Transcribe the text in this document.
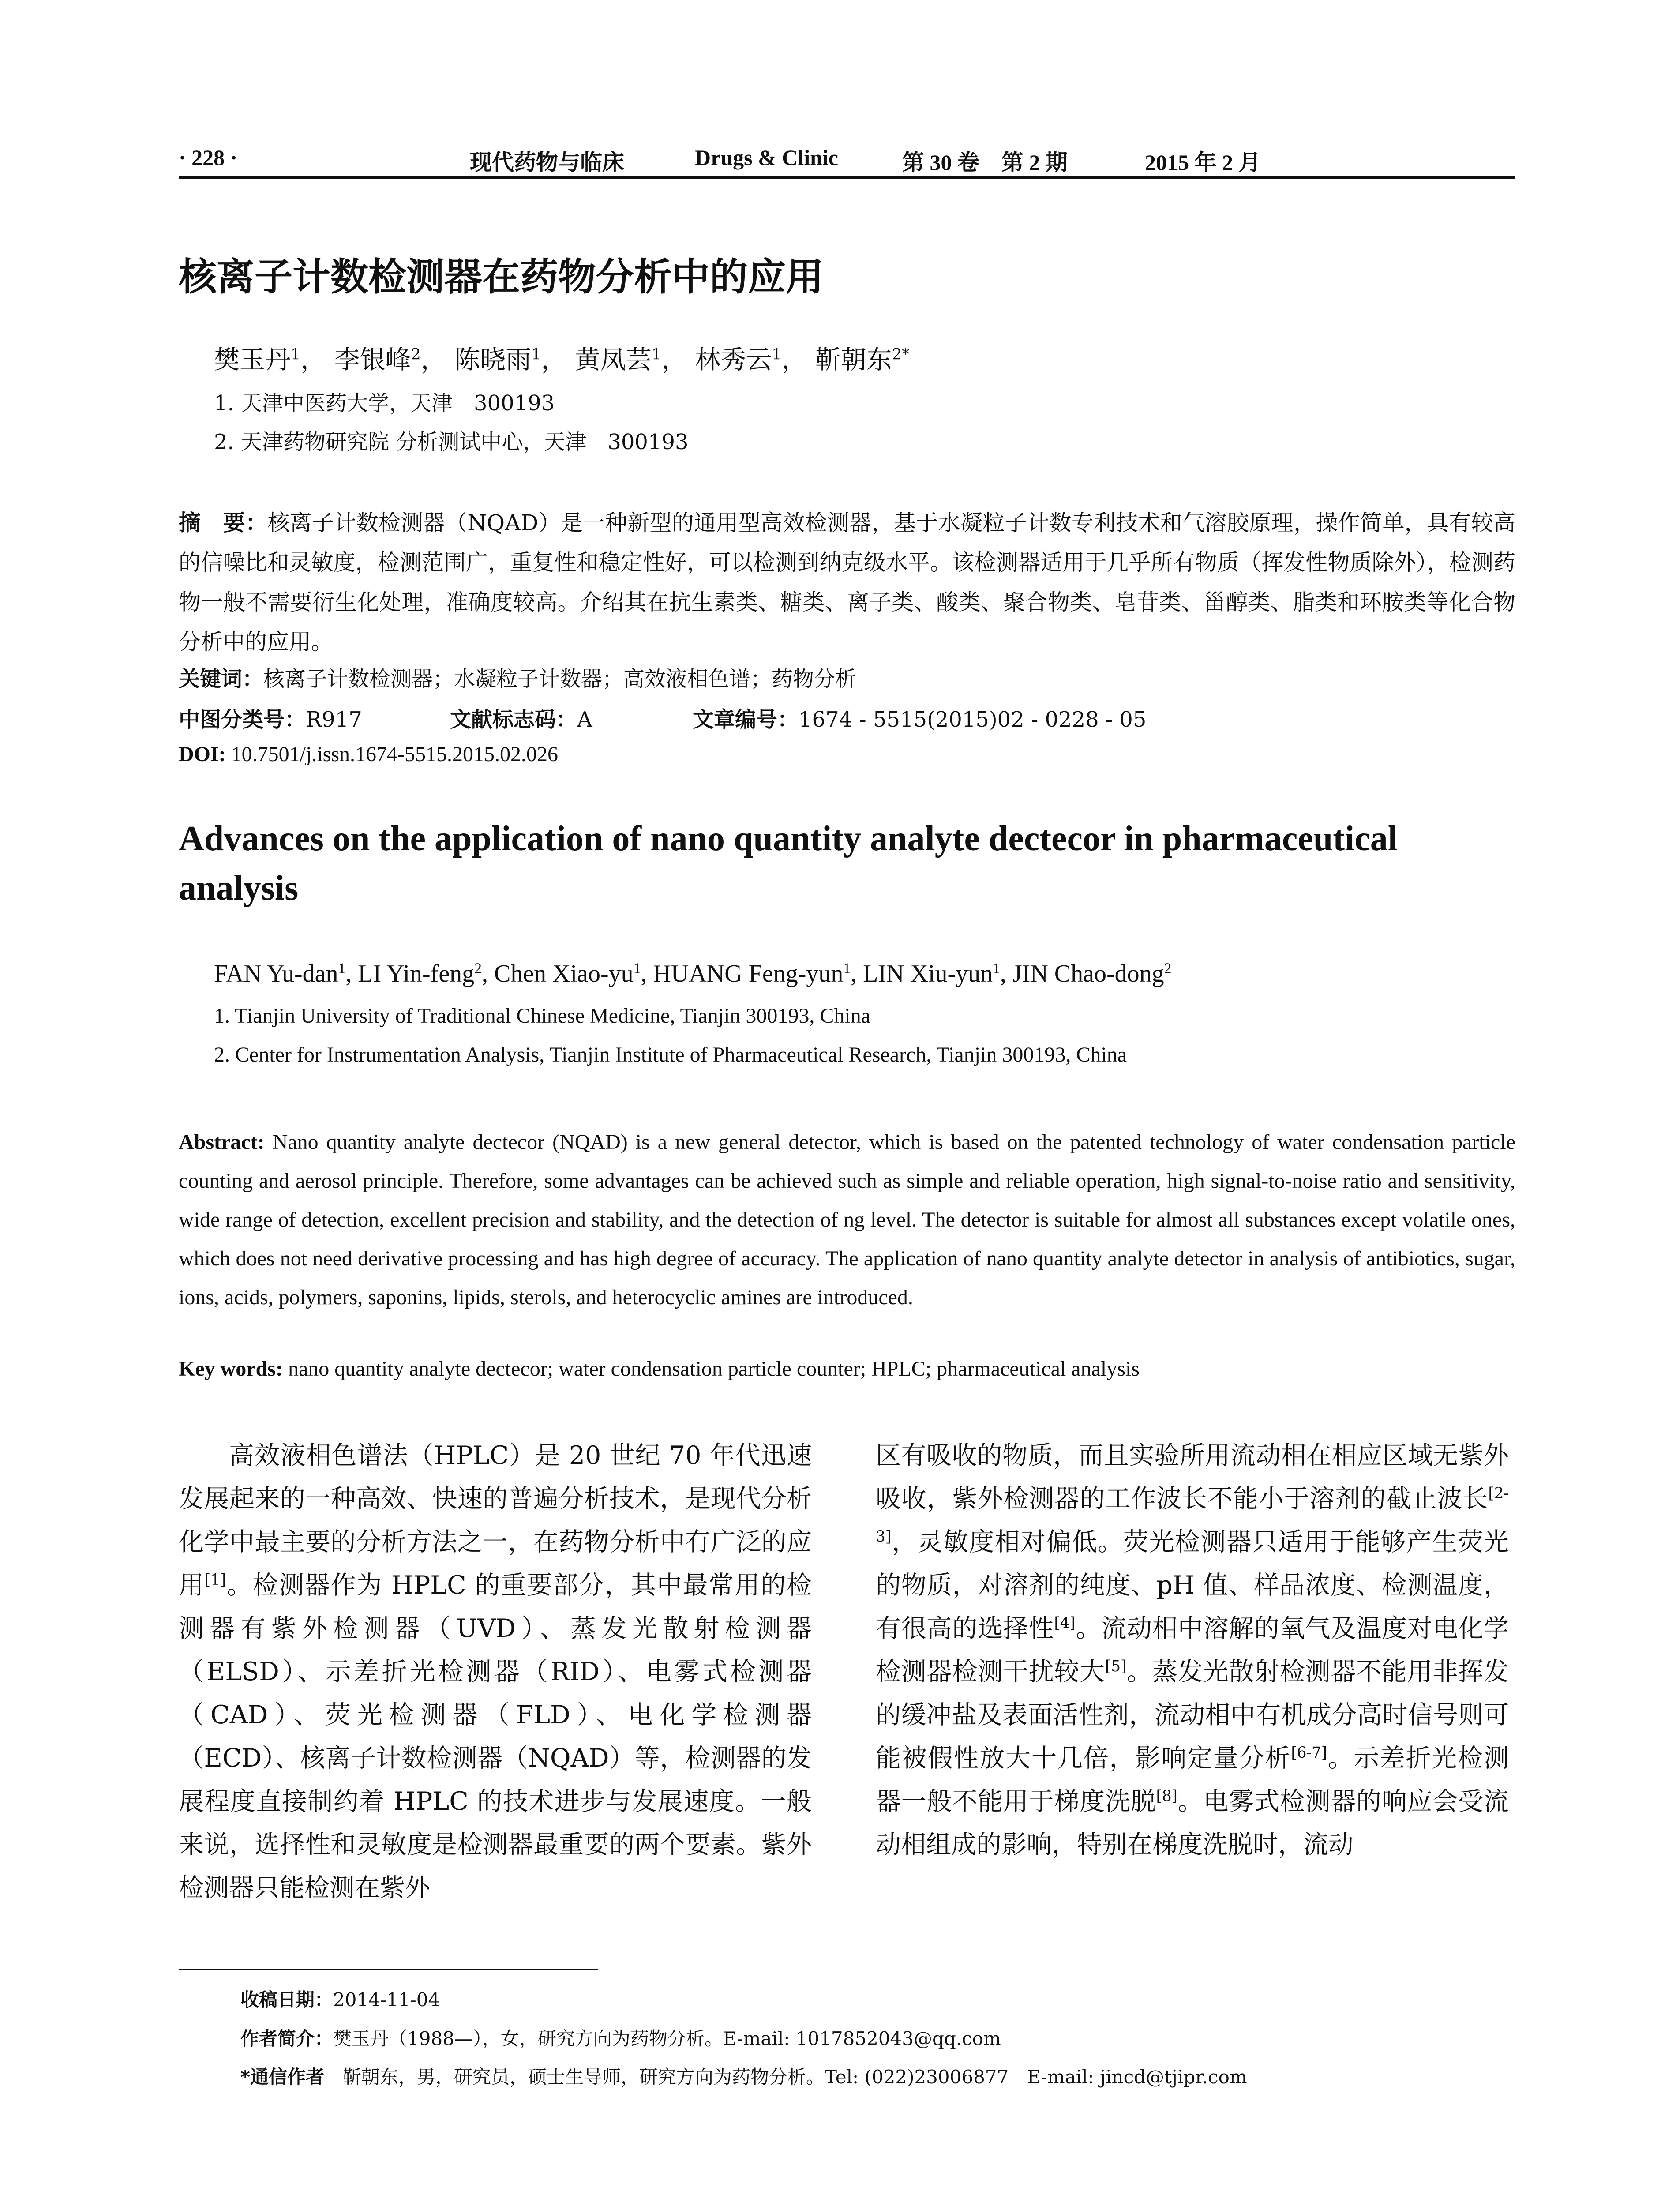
· 228 ·	现代药物与临床	Drugs & Clinic	第 30 卷　第 2 期	2015 年 2 月
核离子计数检测器在药物分析中的应用
樊玉丹$^1$， 李银峰$^2$， 陈晓雨$^1$， 黄凤芸$^1$， 林秀云$^1$， 靳朝东$^{2*}$
1. 天津中医药大学，天津　300193
2. 天津药物研究院 分析测试中心，天津　300193
摘　要：核离子计数检测器（NQAD）是一种新型的通用型高效检测器，基于水凝粒子计数专利技术和气溶胶原理，操作简单，具有较高的信噪比和灵敏度，检测范围广，重复性和稳定性好，可以检测到纳克级水平。该检测器适用于几乎所有物质（挥发性物质除外），检测药物一般不需要衍生化处理，准确度较高。介绍其在抗生素类、糖类、离子类、酸类、聚合物类、皂苷类、甾醇类、脂类和环胺类等化合物分析中的应用。
关键词：核离子计数检测器；水凝粒子计数器；高效液相色谱；药物分析
中图分类号：R917	文献标志码：A	文章编号：1674 - 5515(2015)02 - 0228 - 05
DOI: 10.7501/j.issn.1674-5515.2015.02.026
Advances on the application of nano quantity analyte dectecor in pharmaceutical analysis
FAN Yu-dan$^1$, LI Yin-feng$^2$, Chen Xiao-$yu^1$, HUANG Feng-yun$^1$, LIN Xiu-yun$^1$, JIN Chao-dong$^2$
1. Tianjin University of Traditional Chinese Medicine, Tianjin 300193, China
2. Center for Instrumentation Analysis, Tianjin Institute of Pharmaceutical Research, Tianjin 300193, China
Abstract: Nano quantity analyte dectecor (NQAD) is a new general detector, which is based on the patented technology of water condensation particle counting and aerosol principle. Therefore, some advantages can be achieved such as simple and reliable operation, high signal-to-noise ratio and sensitivity, wide range of detection, excellent precision and stability, and the detection of ng level. The detector is suitable for almost all substances except volatile ones, which does not need derivative processing and has high degree of accuracy. The application of nano quantity analyte detector in analysis of antibiotics, sugar, ions, acids, polymers, saponins, lipids, sterols, and heterocyclic amines are introduced.
Key words: nano quantity analyte dectecor; water condensation particle counter; HPLC; pharmaceutical analysis

高效液相色谱法（HPLC）是 20 世纪 70 年代迅速发展起来的一种高效、快速的普遍分析技术，是现代分析化学中最主要的分析方法之一，在药物分析中有广泛的应用[1]。检测器作为 HPLC 的重要部分，其中最常用的检测器有紫外检测器（UVD）、蒸发光散射检测器（ELSD）、示差折光检测器（RID）、电雾式检测器（CAD）、荧光检测器（FLD）、电化学检测器（ECD）、核离子计数检测器（NQAD）等，检测器的发展程度直接制约着 HPLC 的技术进步与发展速度。一般来说，选择性和灵敏度是检测器最重要的两个要素。紫外检测器只能检测在紫外

区有吸收的物质，而且实验所用流动相在相应区域无紫外吸收，紫外检测器的工作波长不能小于溶剂的截止波长[2-3]，灵敏度相对偏低。荧光检测器只适用于能够产生荧光的物质，对溶剂的纯度、pH 值、样品浓度、检测温度，有很高的选择性[4]。流动相中溶解的氧气及温度对电化学检测器检测干扰较大[5]。蒸发光散射检测器不能用非挥发的缓冲盐及表面活性剂，流动相中有机成分高时信号则可能被假性放大十几倍，影响定量分析[6-7]。示差折光检测器一般不能用于梯度洗脱[8]。电雾式检测器的响应会受流动相组成的影响，特别在梯度洗脱时，流动

收稿日期：2014-11-04
作者简介：樊玉丹（1988—），女，研究方向为药物分析。E-mail: 1017852043@qq.com
*通信作者　 靳朝东，男，研究员，硕士生导师，研究方向为药物分析。Tel: (022)23006877　E-mail: jincd@tjipr.com
